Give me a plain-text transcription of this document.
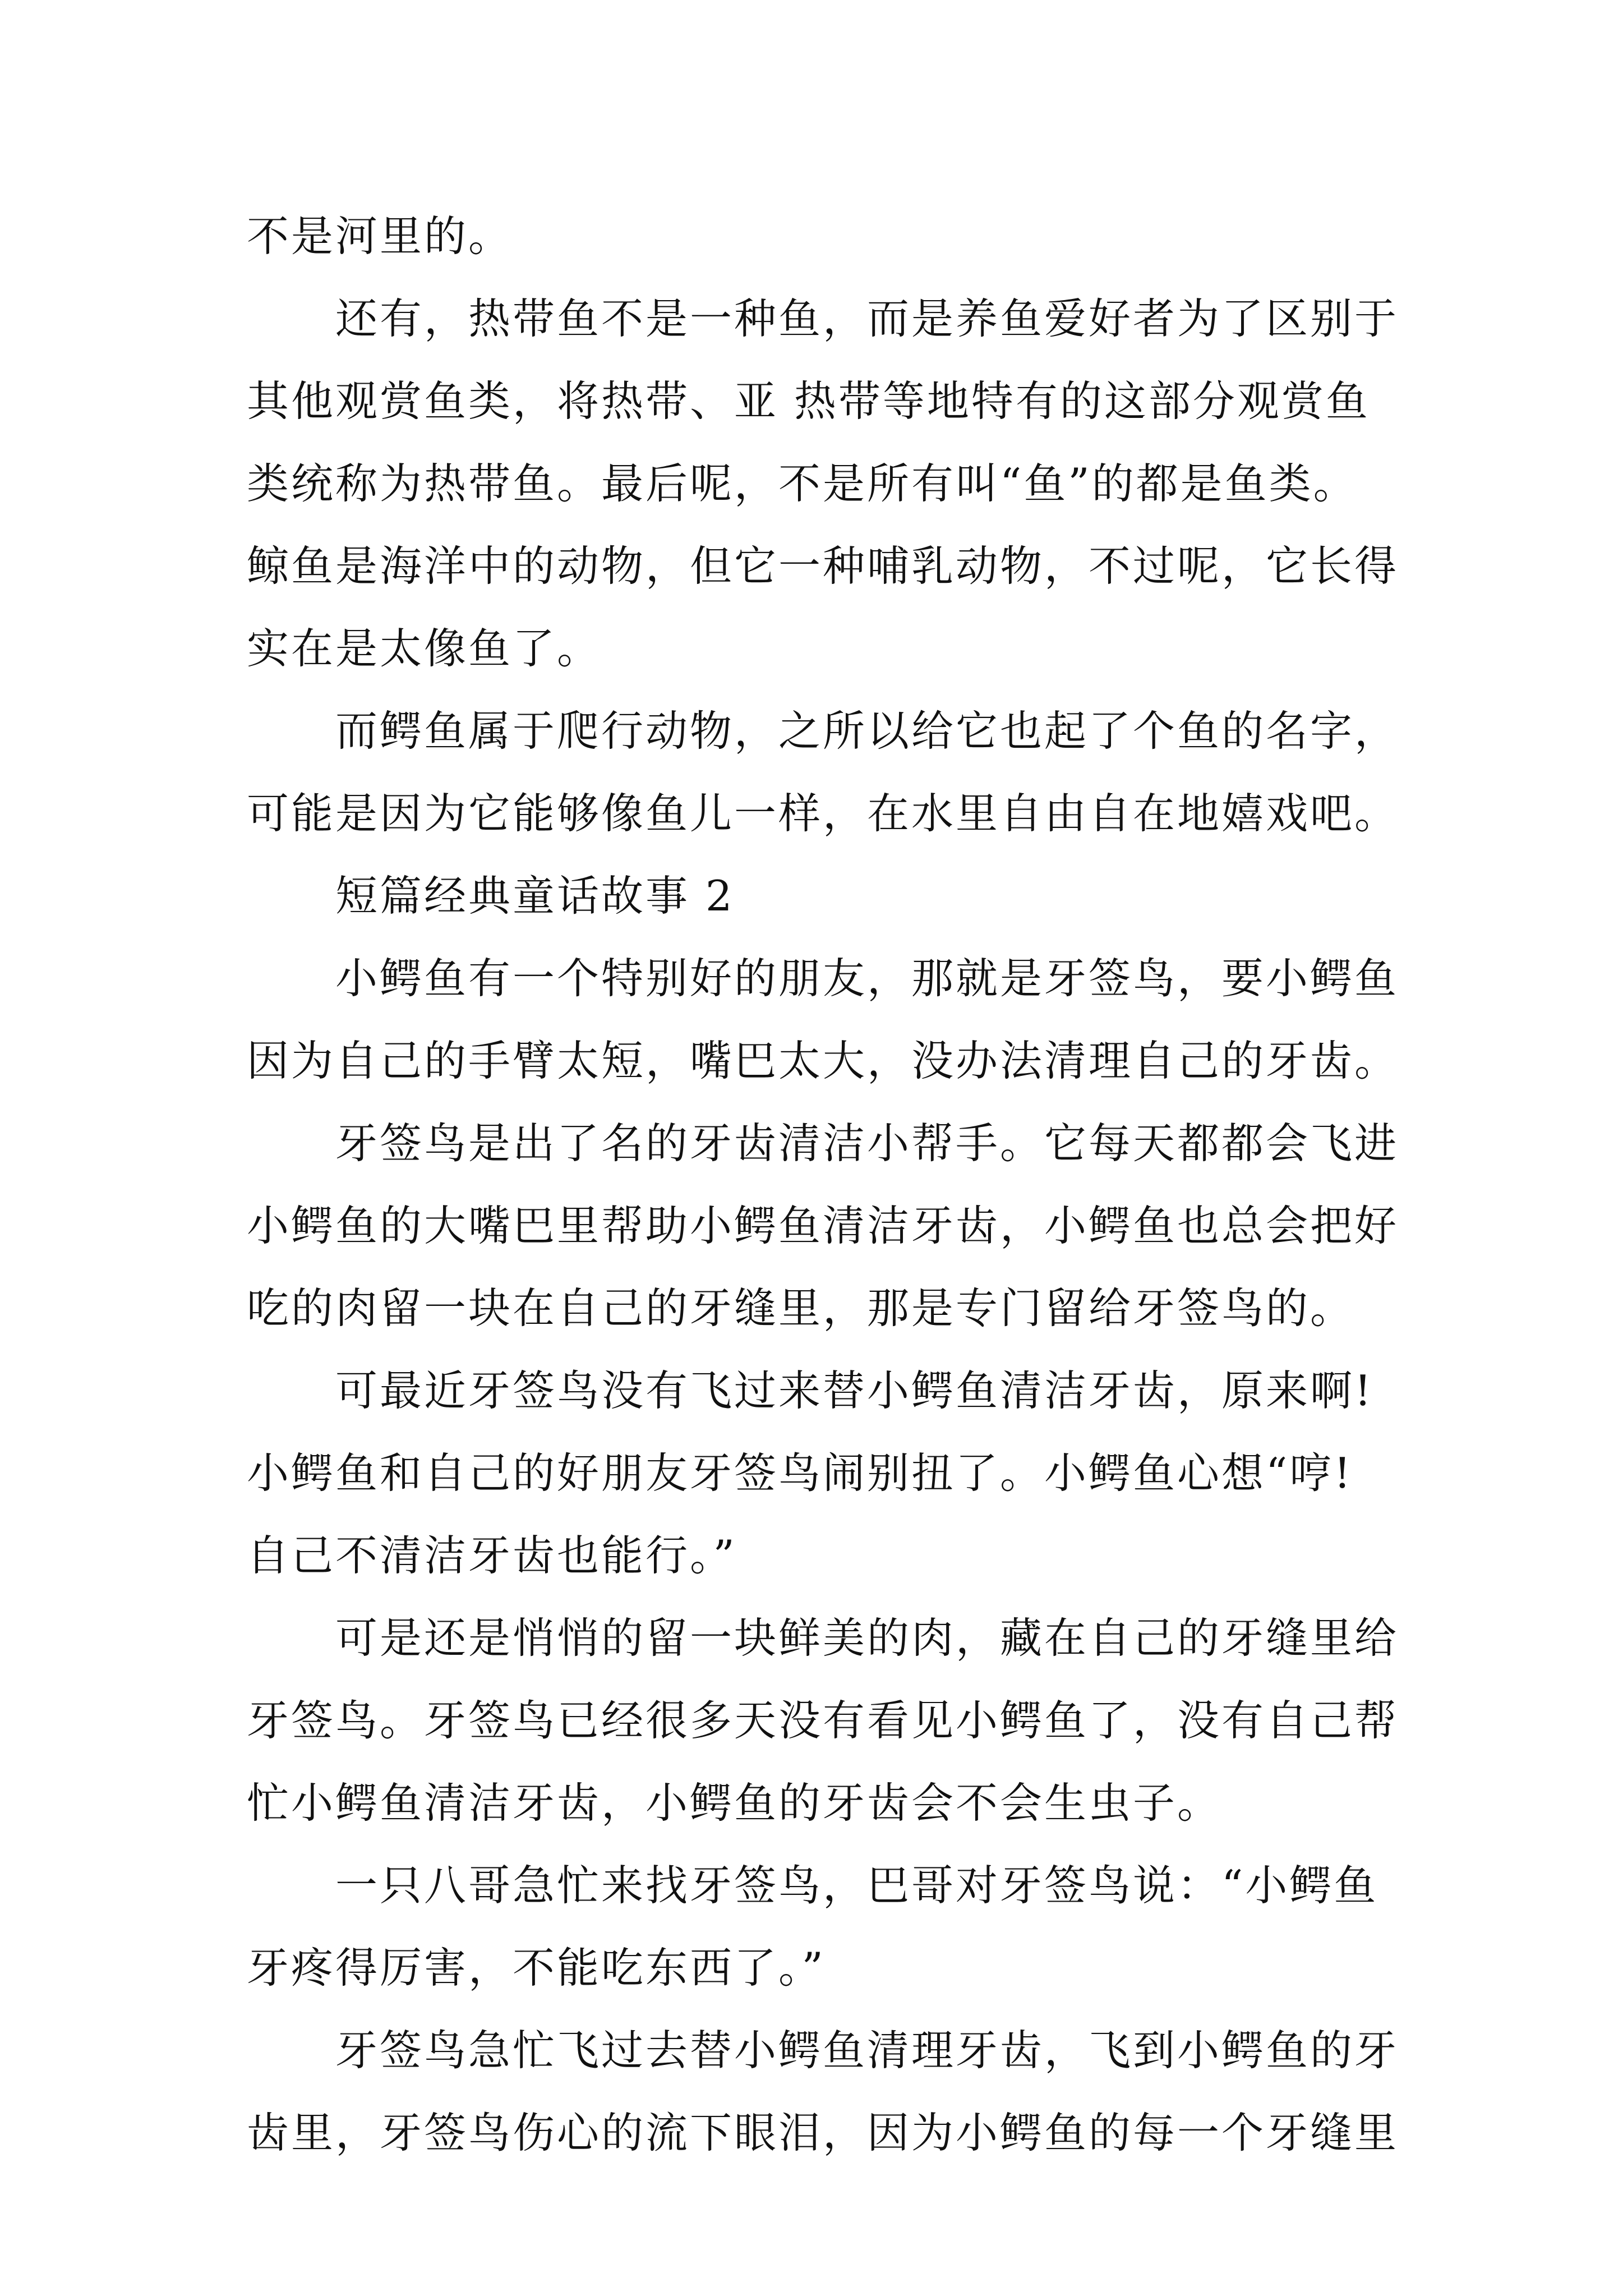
不是河里的。
还有，热带鱼不是一种鱼，而是养鱼爱好者为了区别于
其他观赏鱼类，将热带、亚 热带等地特有的这部分观赏鱼
类统称为热带鱼。最后呢，不是所有叫“鱼”的都是鱼类。
鲸鱼是海洋中的动物，但它一种哺乳动物，不过呢，它长得
实在是太像鱼了。
而鳄鱼属于爬行动物，之所以给它也起了个鱼的名字，
可能是因为它能够像鱼儿一样，在水里自由自在地嬉戏吧。
短篇经典童话故事 2
小鳄鱼有一个特别好的朋友，那就是牙签鸟，要小鳄鱼
因为自己的手臂太短，嘴巴太大，没办法清理自己的牙齿。
牙签鸟是出了名的牙齿清洁小帮手。它每天都都会飞进
小鳄鱼的大嘴巴里帮助小鳄鱼清洁牙齿，小鳄鱼也总会把好
吃的肉留一块在自己的牙缝里，那是专门留给牙签鸟的。
可最近牙签鸟没有飞过来替小鳄鱼清洁牙齿，原来啊!
小鳄鱼和自己的好朋友牙签鸟闹别扭了。小鳄鱼心想“哼!
自己不清洁牙齿也能行。”
可是还是悄悄的留一块鲜美的肉，藏在自己的牙缝里给
牙签鸟。牙签鸟已经很多天没有看见小鳄鱼了，没有自己帮
忙小鳄鱼清洁牙齿，小鳄鱼的牙齿会不会生虫子。
一只八哥急忙来找牙签鸟，巴哥对牙签鸟说：“小鳄鱼
牙疼得厉害，不能吃东西了。”
牙签鸟急忙飞过去替小鳄鱼清理牙齿，飞到小鳄鱼的牙
齿里，牙签鸟伤心的流下眼泪，因为小鳄鱼的每一个牙缝里
